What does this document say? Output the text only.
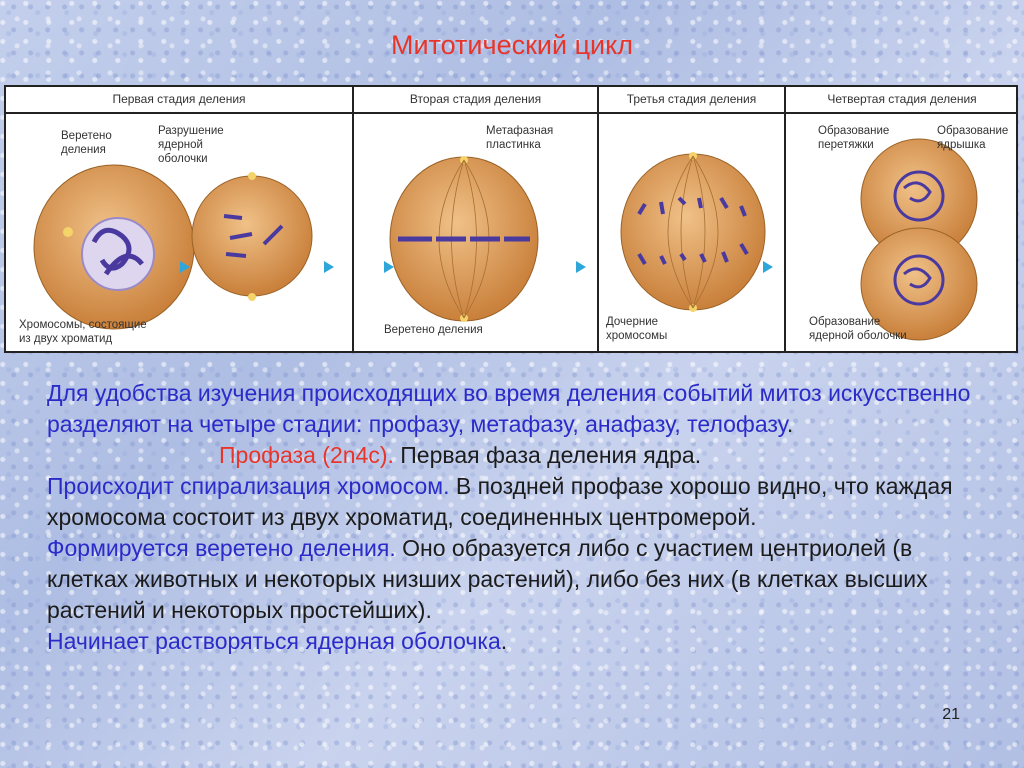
Митотический цикл
Первая стадия деления
Веретено
деления
Разрушение
ядерной
оболочки
Хромосомы, состоящие
из двух хроматид
Вторая стадия деления
Метафазная
пластинка
Веретено деления
Третья стадия деления
Дочерние
хромосомы
Четвертая стадия деления
Образование
перетяжки
Образование
ядрышка
Образование
ядерной оболочки

Для удобства изучения происходящих во время деления событий митоз искусственно разделяют на четыре стадии: профазу, метафазу, анафазу, телофазу.

Профаза (2n4c). Первая фаза деления ядра.

Происходит спирализация хромосом. В поздней профазе хорошо видно, что каждая хромосома состоит из двух хроматид, соединенных центромерой.

Формируется веретено деления. Оно образуется либо с участием центриолей (в клетках животных и некоторых низших растений), либо без них (в клетках высших растений и некоторых простейших).

Начинает растворяться ядерная оболочка.

21
